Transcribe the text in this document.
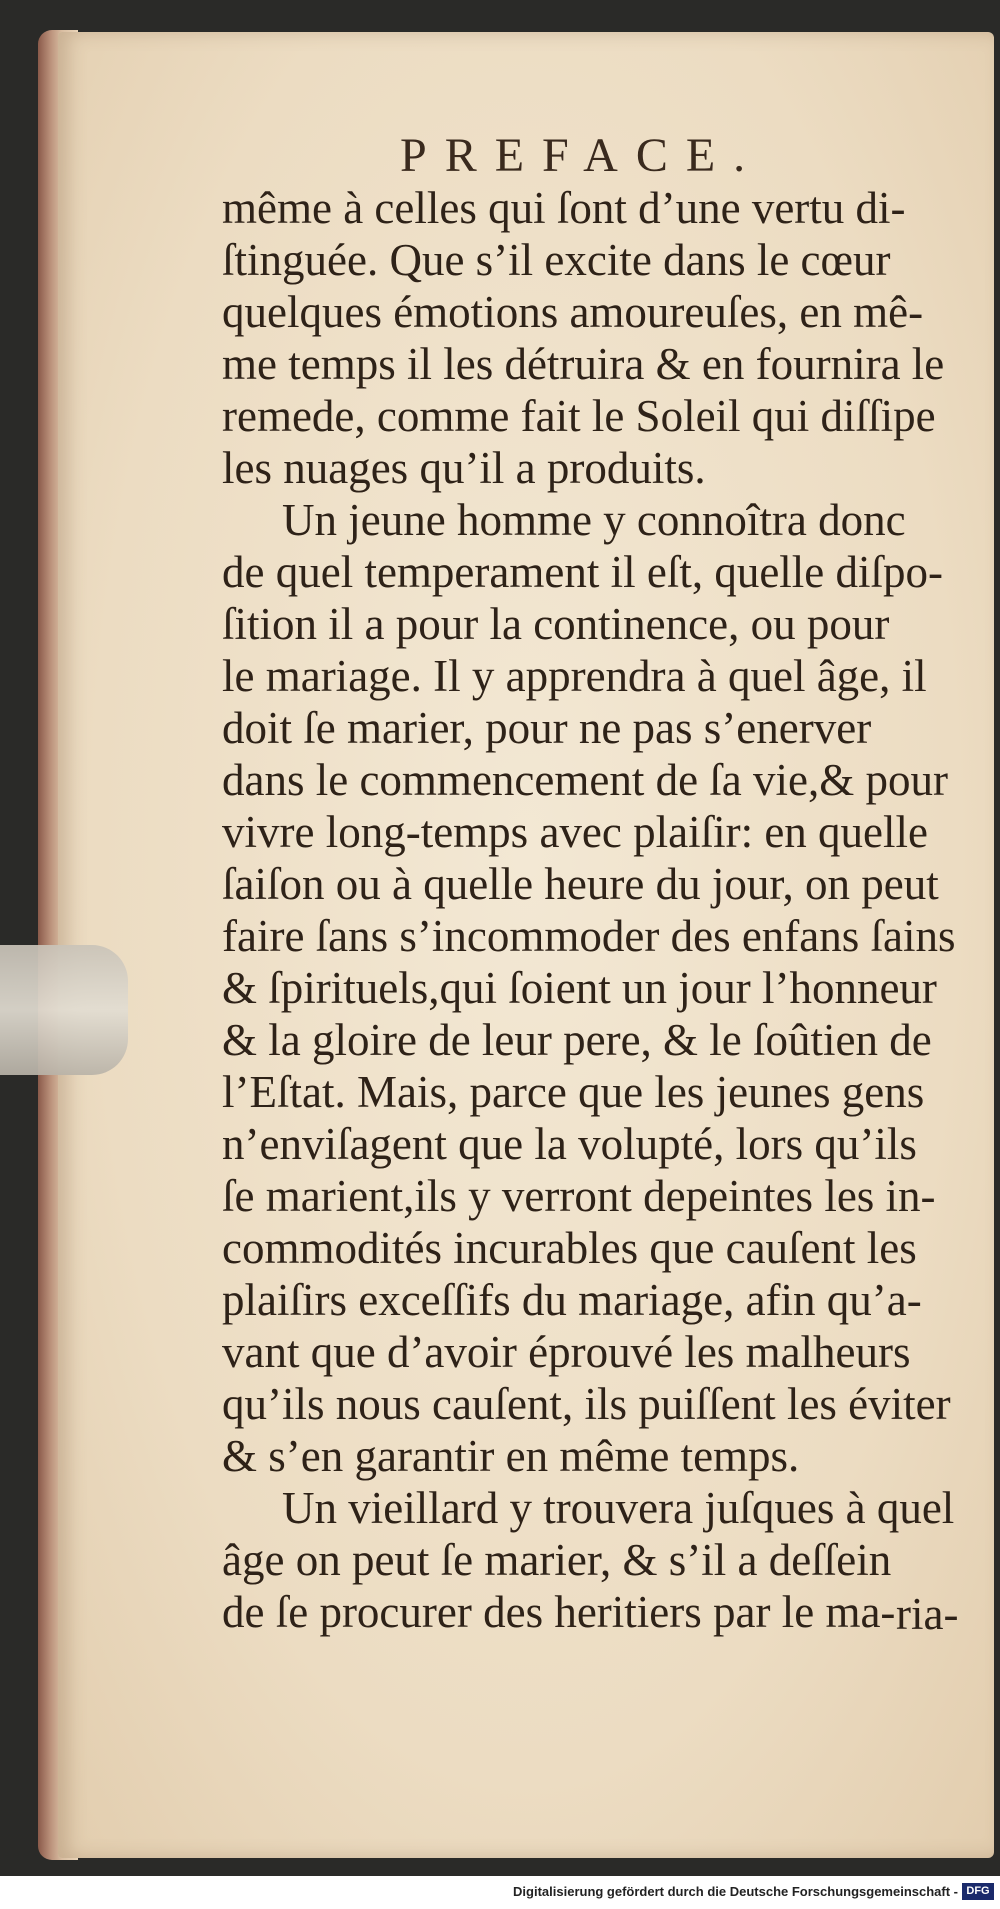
PREFACE.
même à celles qui ſont d’une vertu di-
ſtinguée. Que s’il excite dans le cœur
quelques émotions amoureuſes, en mê-
me temps il les détruira & en fournira le
remede, comme fait le Soleil qui diſſipe
les nuages qu’il a produits.
Un jeune homme y connoîtra donc
de quel temperament il eſt, quelle diſpo-
ſition il a pour la continence, ou pour
le mariage. Il y apprendra à quel âge, il
doit ſe marier, pour ne pas s’enerver
dans le commencement de ſa vie,& pour
vivre long-temps avec plaiſir: en quelle
ſaiſon ou à quelle heure du jour, on peut
faire ſans s’incommoder des enfans ſains
& ſpirituels,qui ſoient un jour l’honneur
& la gloire de leur pere, & le ſoûtien de
l’Eſtat. Mais, parce que les jeunes gens
n’enviſagent que la volupté, lors qu’ils
ſe marient,ils y verront depeintes les in-
commodités incurables que cauſent les
plaiſirs exceſſifs du mariage, afin qu’a-
vant que d’avoir éprouvé les malheurs
qu’ils nous cauſent, ils puiſſent les éviter
& s’en garantir en même temps.
Un vieillard y trouvera juſques à quel
âge on peut ſe marier, & s’il a deſſein
de ſe procurer des heritiers par le ma- ria-
Digitalisierung gefördert durch die Deutsche Forschungsgemeinschaft - DFG
